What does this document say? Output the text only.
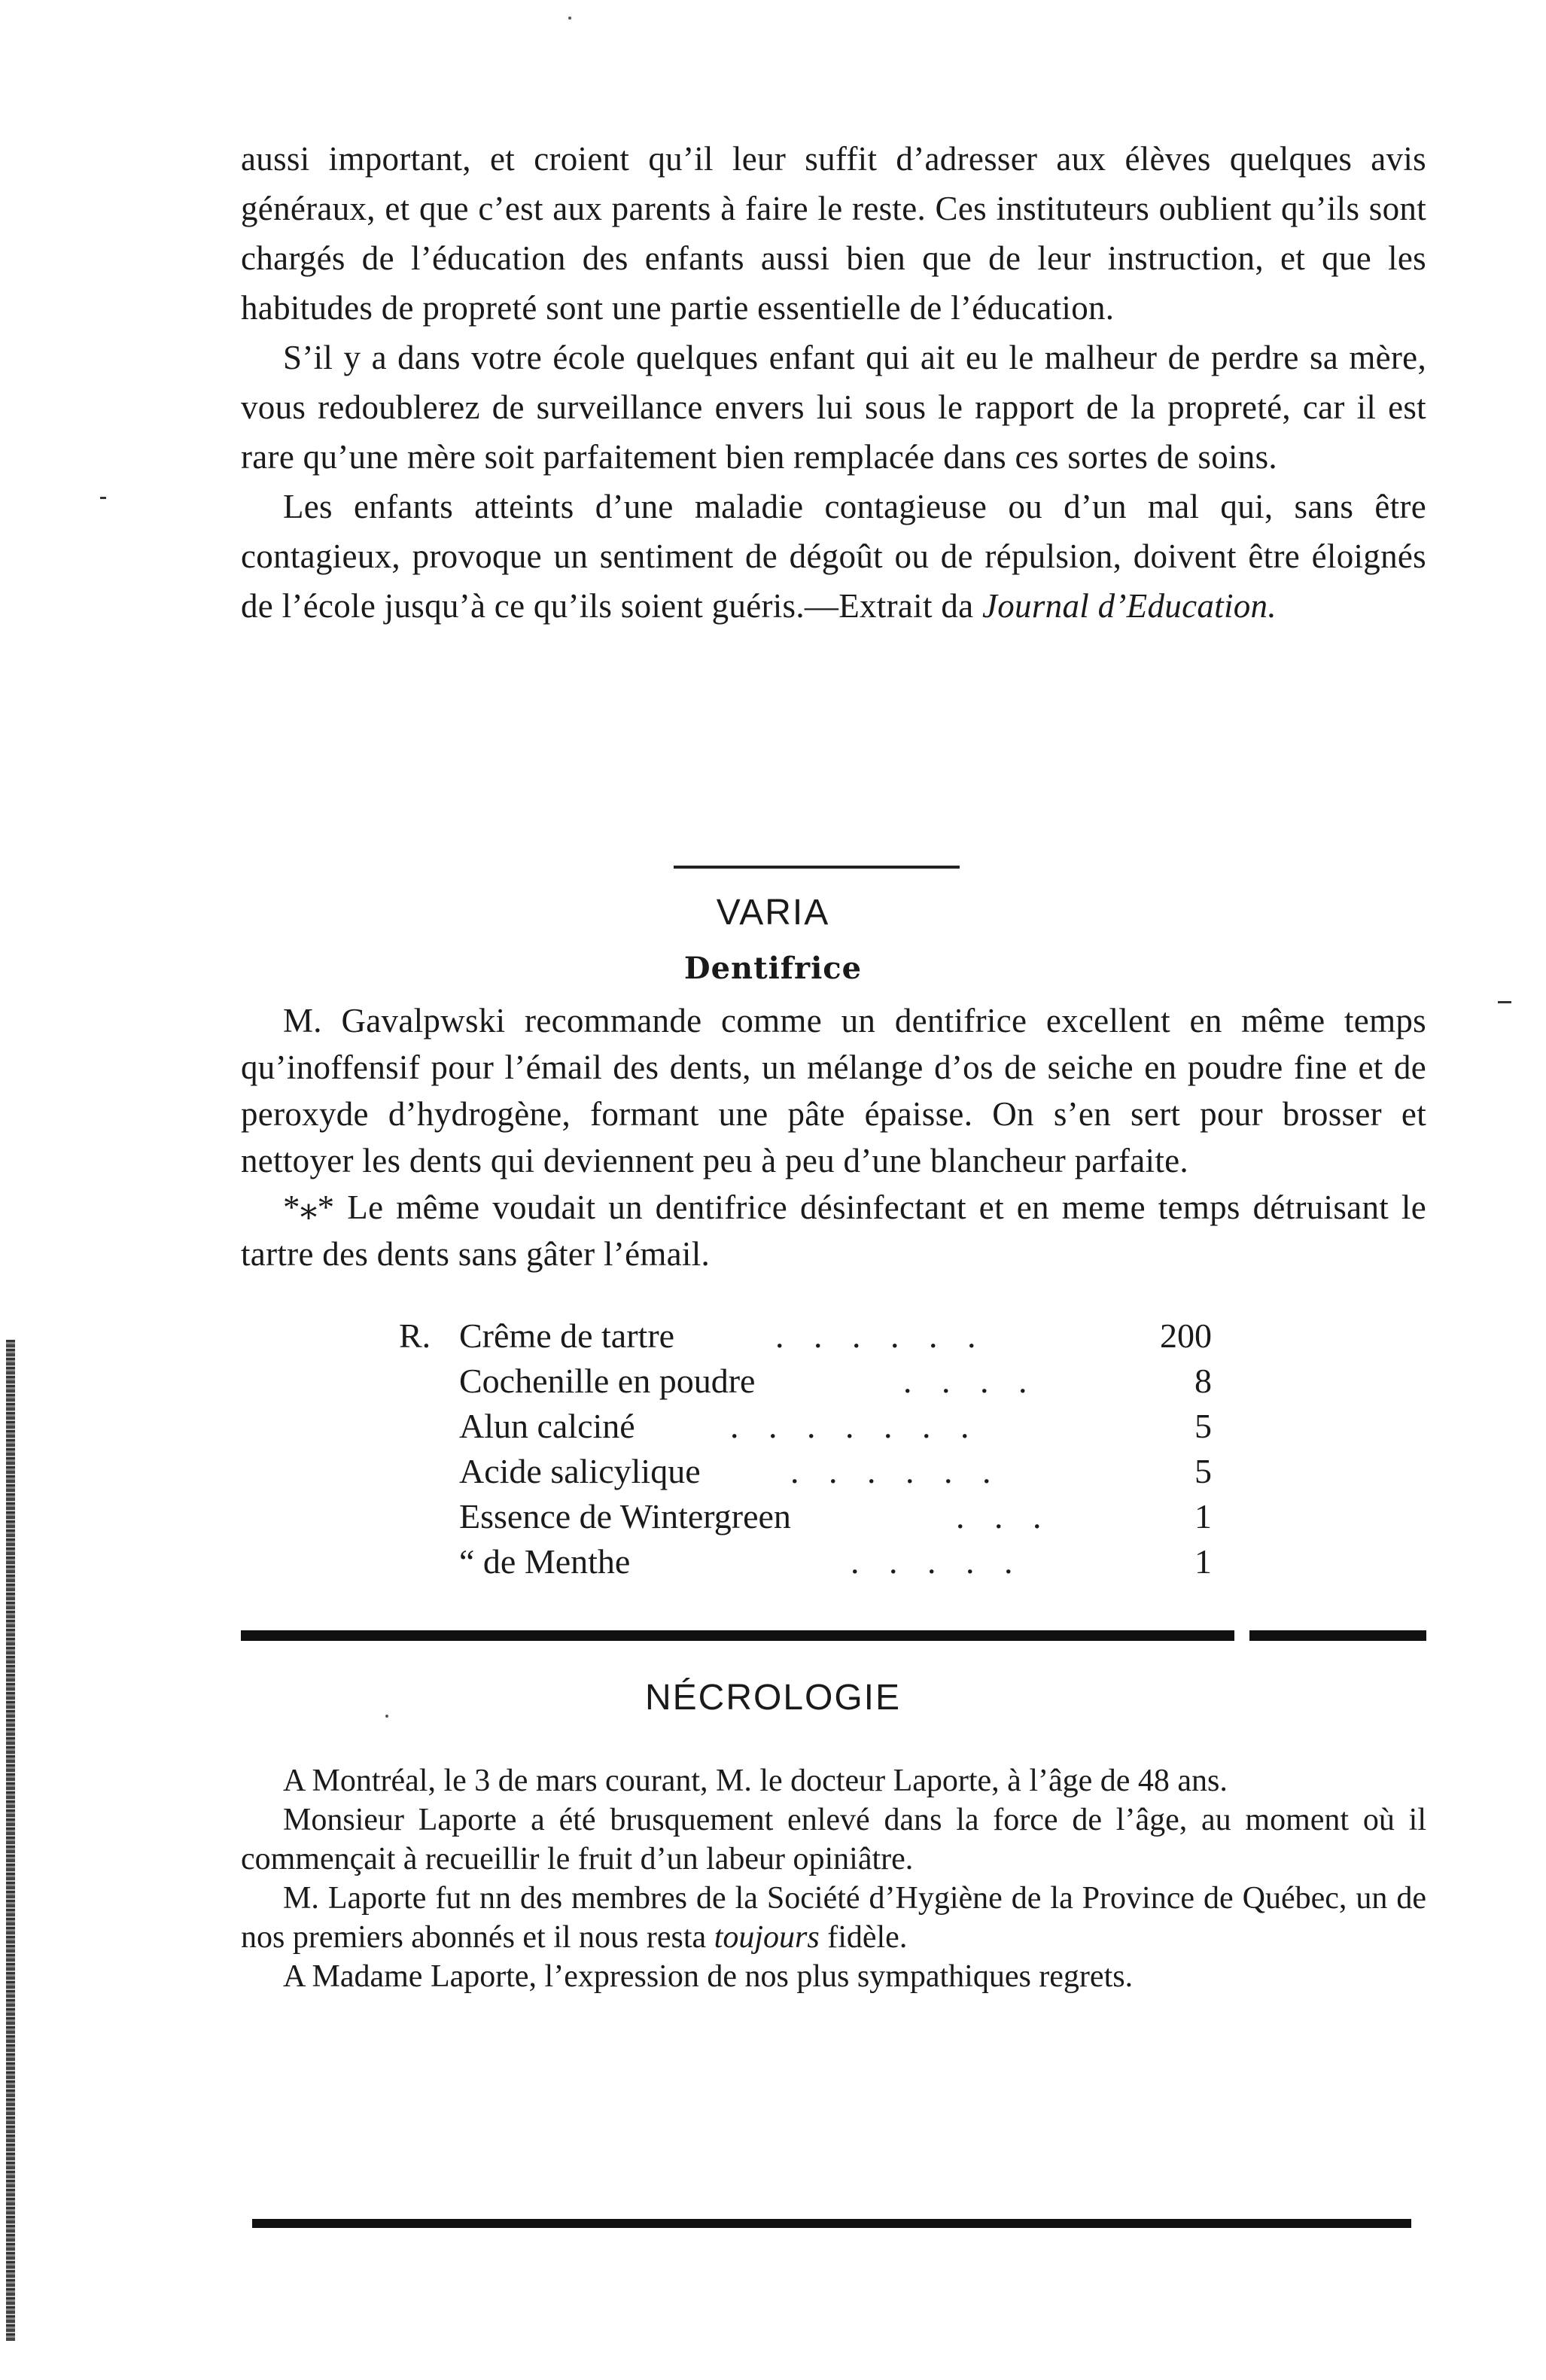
aussi important, et croient qu’il leur suffit d’adresser aux élèves quelques avis généraux, et que c’est aux parents à faire le reste. Ces instituteurs oublient qu’ils sont chargés de l’éducation des enfants aussi bien que de leur instruction, et que les habitudes de propreté sont une partie essentielle de l’éducation.

S’il y a dans votre école quelques enfant qui ait eu le malheur de perdre sa mère, vous redoublerez de surveillance envers lui sous le rapport de la propreté, car il est rare qu’une mère soit parfaitement bien remplacée dans ces sortes de soins.

Les enfants atteints d’une maladie contagieuse ou d’un mal qui, sans être contagieux, provoque un sentiment de dégoût ou de répulsion, doivent être éloignés de l’école jusqu’à ce qu’ils soient guéris.—Extrait da Journal d’Education.

VARIA
Dentifrice

M. Gavalpwski recommande comme un dentifrice excellent en même temps qu’inoffensif pour l’émail des dents, un mélange d’os de seiche en poudre fine et de peroxyde d’hydrogène, formant une pâte épaisse. On s’en sert pour brosser et nettoyer les dents qui deviennent peu à peu d’une blancheur parfaite.

*⁎* Le même voudait un dentifrice désinfectant et en meme temps détruisant le tartre des dents sans gâter l’émail.

R. Crême de tartre	. . . . . .	200
Cochenille en poudre	. . . .	8
Alun calciné	. . . . . . .	5
Acide salicylique	. . . . . .	5
Essence de Wintergreen	. . .	1
“ de Menthe	. . . . .	1
NÉCROLOGIE

A Montréal, le 3 de mars courant, M. le docteur Laporte, à l’âge de 48 ans.

Monsieur Laporte a été brusquement enlevé dans la force de l’âge, au moment où il commençait à recueillir le fruit d’un labeur opiniâtre.

M. Laporte fut nn des membres de la Société d’Hygiène de la Province de Québec, un de nos premiers abonnés et il nous resta toujours fidèle.

A Madame Laporte, l’expression de nos plus sympathiques regrets.
